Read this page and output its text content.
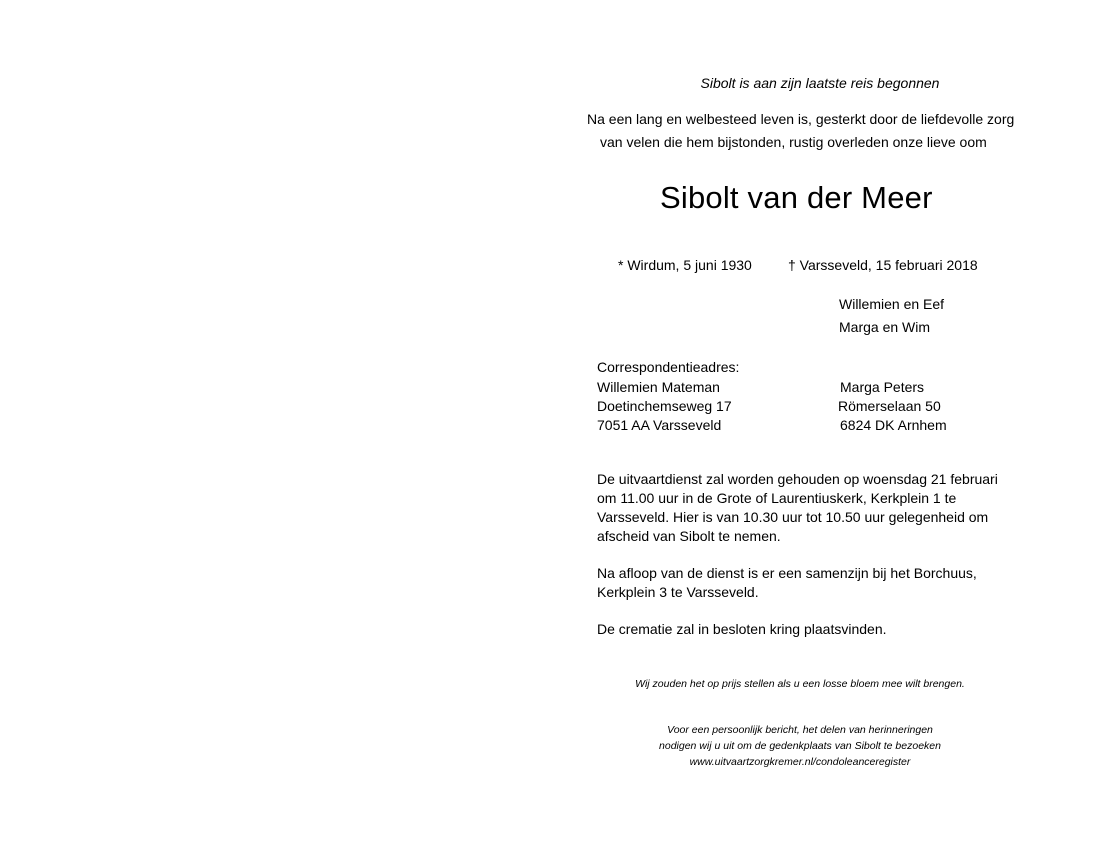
Sibolt is aan zijn laatste reis begonnen

Na een lang en welbesteed leven is, gesterkt door de liefdevolle zorg

van velen die hem bijstonden, rustig overleden onze lieve oom

Sibolt van der Meer

* Wirdum, 5 juni 1930	† Varsseveld, 15 februari 2018

Willemien en Eef

Marga en Wim

Correspondentieadres:

Willemien Mateman

Doetinchemseweg 17

7051 AA Varsseveld

Marga Peters

Römerselaan 50

6824 DK Arnhem

De uitvaartdienst zal worden gehouden op woensdag 21 februari
om 11.00 uur in de Grote of Laurentiuskerk, Kerkplein 1 te
Varsseveld. Hier is van 10.30 uur tot 10.50 uur gelegenheid om
afscheid van Sibolt te nemen.
Na afloop van de dienst is er een samenzijn bij het Borchuus,
Kerkplein 3 te Varsseveld.

De crematie zal in besloten kring plaatsvinden.

Wij zouden het op prijs stellen als u een losse bloem mee wilt brengen.

Voor een persoonlijk bericht, het delen van herinneringen

nodigen wij u uit om de gedenkplaats van Sibolt te bezoeken

www.uitvaartzorgkremer.nl/condoleanceregister
